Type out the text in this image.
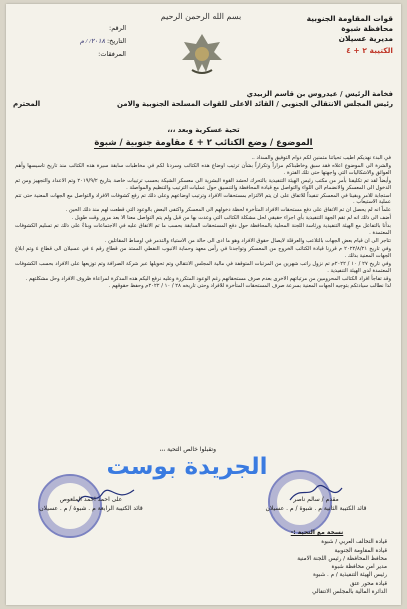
بسم الله الرحمن الرحيم	قوات المقاومة الجنوبية
محافظة شبوة
مديرية عسيلان
الكتيبة ٢ + ٤
الرقم:
التاريخ: ٢٠١٨/ / م
المرفقات:
فخامة الرئيس / عيدروس بن قاسم الزبيدي
رئيس المجلس الانتقالي الجنوبي / القائد الاعلى للقوات المسلحة الجنوبية والامن
المحترم
تحية عسكرية وبعد ،،،
الموضوع / وضع الكتائب ٢ + ٤ مقاومة جنوبية / شبوة

في البدء نهديكم اطيب تحياتنا متمنين لكم دوام التوفيق والسداد ..

والشرة الى الموضوع اعلاه فقد سبق وخاطبناكم مراراً وتكراراً بشأن ترتيب اوضاع هذه الكتائب وسردنا لكم في مخاطبات سابقة سيرة هذه الكتائب منذ تاريخ تاسيسها وأهم العوائق والاشكاليات التي واجهتها حتى تلك الفترة .

وأيضاً لقد تم تكليفنا بأمر من مكتب رئيس الهيئة التنفيذية بالتحرك لحشد القوة البشرية الى معسكر الشيكة بحسب ترتيبات خاصة بتاريخ ٢٠١٩/٩/٢ وتم الاعداد والتجهيز ومن ثم الدخول الى المعسكر والانضمام الى اللواء والتواصل مع قيادة المحافظة والتنسيق حول عمليات الترتيب والتنظيم والمواصلة .

استجابة للامر وبقينا في المعسكر تنفيذاً للاتفاق على ان يتم الالتزام بمستحقات الافراد وترتيب اوضاعهم وعلى ذلك تم رفع كشوفات الافراد والتواصل مع الجهات المعنية حتى تتم عملية الاستيعاب .

علماً انه لم يحصل ان تم الاتفاق على دفع مستحقات الافراد المتأخرة لحظة دخولهم الى المعسكر واكتفى البعض بالوعود التي قطعت لهم منذ ذلك الحين .

أضف الى ذلك انه لم تقم الجهة التنفيذية بأي اجراء حقيقي لحل مشكلة الكتائب التي وعدت بها من قبل ولم يتم التواصل معنا الا بعد مرور وقت طويل .

بدأنا بالتفاعل مع الهيئة التنفيذية ورئاسة اللجنة المحلية بالمحافظة حول دفع المستحقات السابقة بحسب ما تم الاتفاق عليه في الاجتماعات وبناءً على ذلك تم تسليم الكشوفات المعتمدة .

تتاجر الى ان قيام بعض الجهات بالتلاعب والعرقلة لايصال حقوق الافراد وهو ما ادى الى حالة من الاستياء والتذمر في اوساط المقاتلين .

وفي تاريخ ٢٠٢٢/٨/٢١ م قررنا قيادة الكتائب الخروج من المعسكر وتواجدنا في رأس معهد وحماية الانبوب النفطي الممتد من قطاع رقم ٤ في عسيلان الى قطاع ٤ وتم ابلاغ الجهات المعنية بذلك .

وفي تاريخ ٢٧ / ١٠ / ٢٠٢٢م تم نزول راتب شهرين من المرتبات المتوقفة في مالية المجلس الانتقالي وتم تحويلها عبر شركة الصرافة وتم توزيعها على الافراد بحسب الكشوفات المعتمدة لدى الهيئة التنفيذية .

وقد تفاجأ افراد الكتائب المحرومين من مرتباتهم الاخرى بعدم صرف مستحقاتهم رغم الوعود المتكررة وعليه نرفع اليكم هذه المذكرة لمراعاة ظروف الافراد وحل مشكلتهم .

لذا نطالب سيادتكم بتوجيه الجهات المعنية بسرعة صرف المستحقات المتأخرة للافراد وحتى تاريخه ٢٨ / ١٠ / ٢٠٢٢م وحفظ حقوقهم .

وتقبلوا خالص التحية ،،،
الجريدة بوست
على احمد احمد الملعوص
قائد الكتيبة الرابعة م . شبوة / م . عسيلان
مقدم / سالم ناصر
قائد الكتيبة الثانية م . شبوة / م . عسيلان
نسخة مع التحية :-
قيادة التحالف العربي / شبوة
قيادة المقاومة الجنوبية
محافظ المحافظة / رئيس اللجنة الامنية
مدير امن محافظة شبوة
رئيس الهيئة التنفيذية / م . شبوة
قيادة محور عتق
الدائرة المالية بالمجلس الانتقالي
